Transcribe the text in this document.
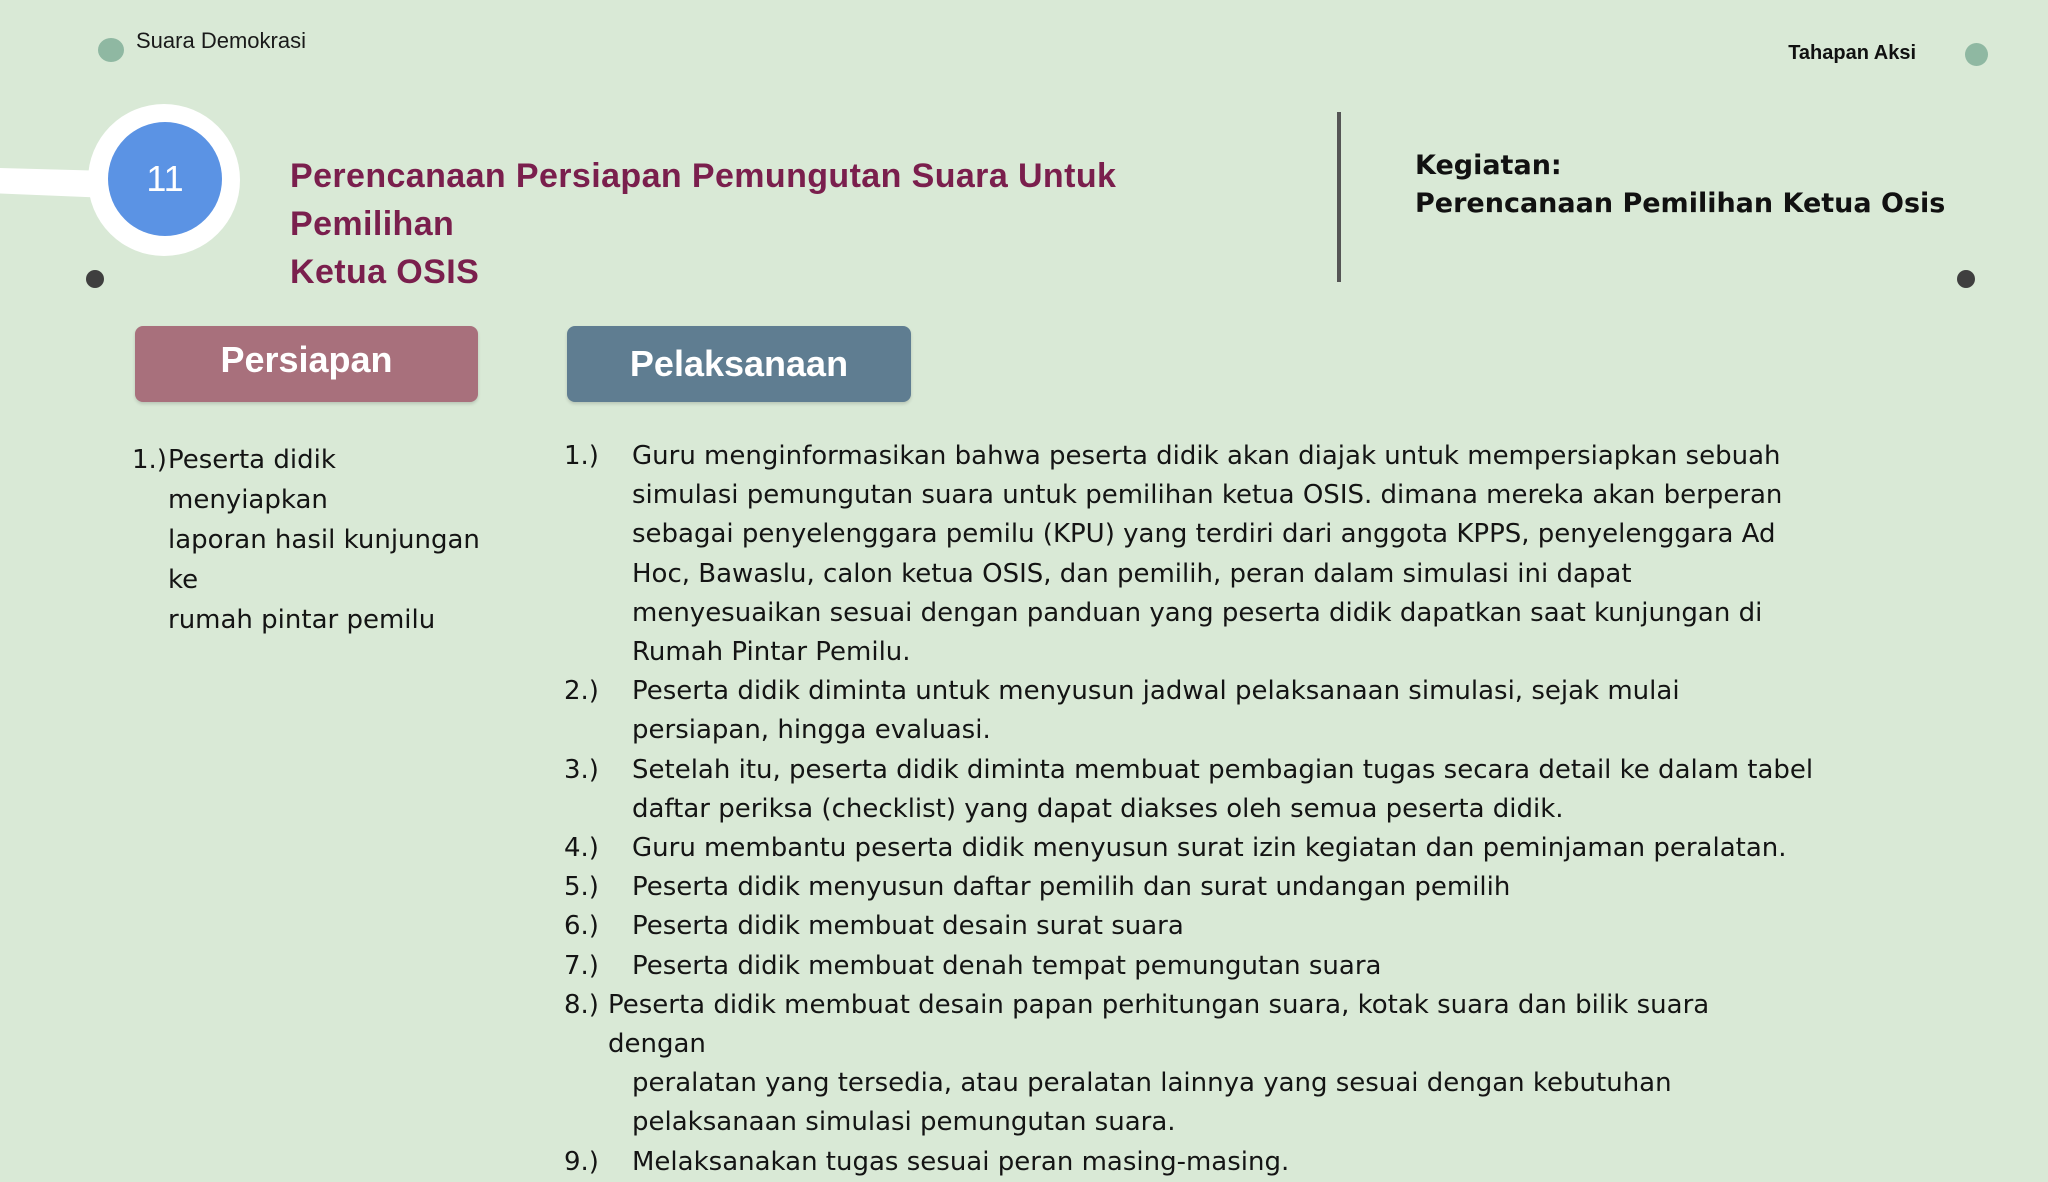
Suara Demokrasi	Tahapan Aksi
11	Perencanaan Persiapan Pemungutan Suara Untuk Pemilihan
Ketua OSIS
Kegiatan:
Perencanaan Pemilihan Ketua Osis
Persiapan	Pelaksanaan
1.) Peserta didik menyiapkan
laporan hasil kunjungan ke
rumah pintar pemilu
1.)	Guru menginformasikan bahwa peserta didik akan diajak untuk mempersiapkan sebuah simulasi pemungutan suara untuk pemilihan ketua OSIS. dimana mereka akan berperan sebagai penyelenggara pemilu (KPU) yang terdiri dari anggota KPPS, penyelenggara Ad Hoc, Bawaslu, calon ketua OSIS, dan pemilih, peran dalam simulasi ini dapat menyesuaikan sesuai dengan panduan yang peserta didik dapatkan saat kunjungan di Rumah Pintar Pemilu.
2.)	Peserta didik diminta untuk menyusun jadwal pelaksanaan simulasi, sejak mulai persiapan, hingga evaluasi.
3.)	Setelah itu, peserta didik diminta membuat pembagian tugas secara detail ke dalam tabel daftar periksa (checklist) yang dapat diakses oleh semua peserta didik.
4.)	Guru membantu peserta didik menyusun surat izin kegiatan dan peminjaman peralatan.
5.)	Peserta didik menyusun daftar pemilih dan surat undangan pemilih
6.)	Peserta didik membuat desain surat suara
7.)	Peserta didik membuat denah tempat pemungutan suara
8.) Peserta didik membuat desain papan perhitungan suara, kotak suara dan bilik suara dengan
peralatan yang tersedia, atau peralatan lainnya yang sesuai dengan kebutuhan pelaksanaan simulasi pemungutan suara.
9.)	Melaksanakan tugas sesuai peran masing-masing.
